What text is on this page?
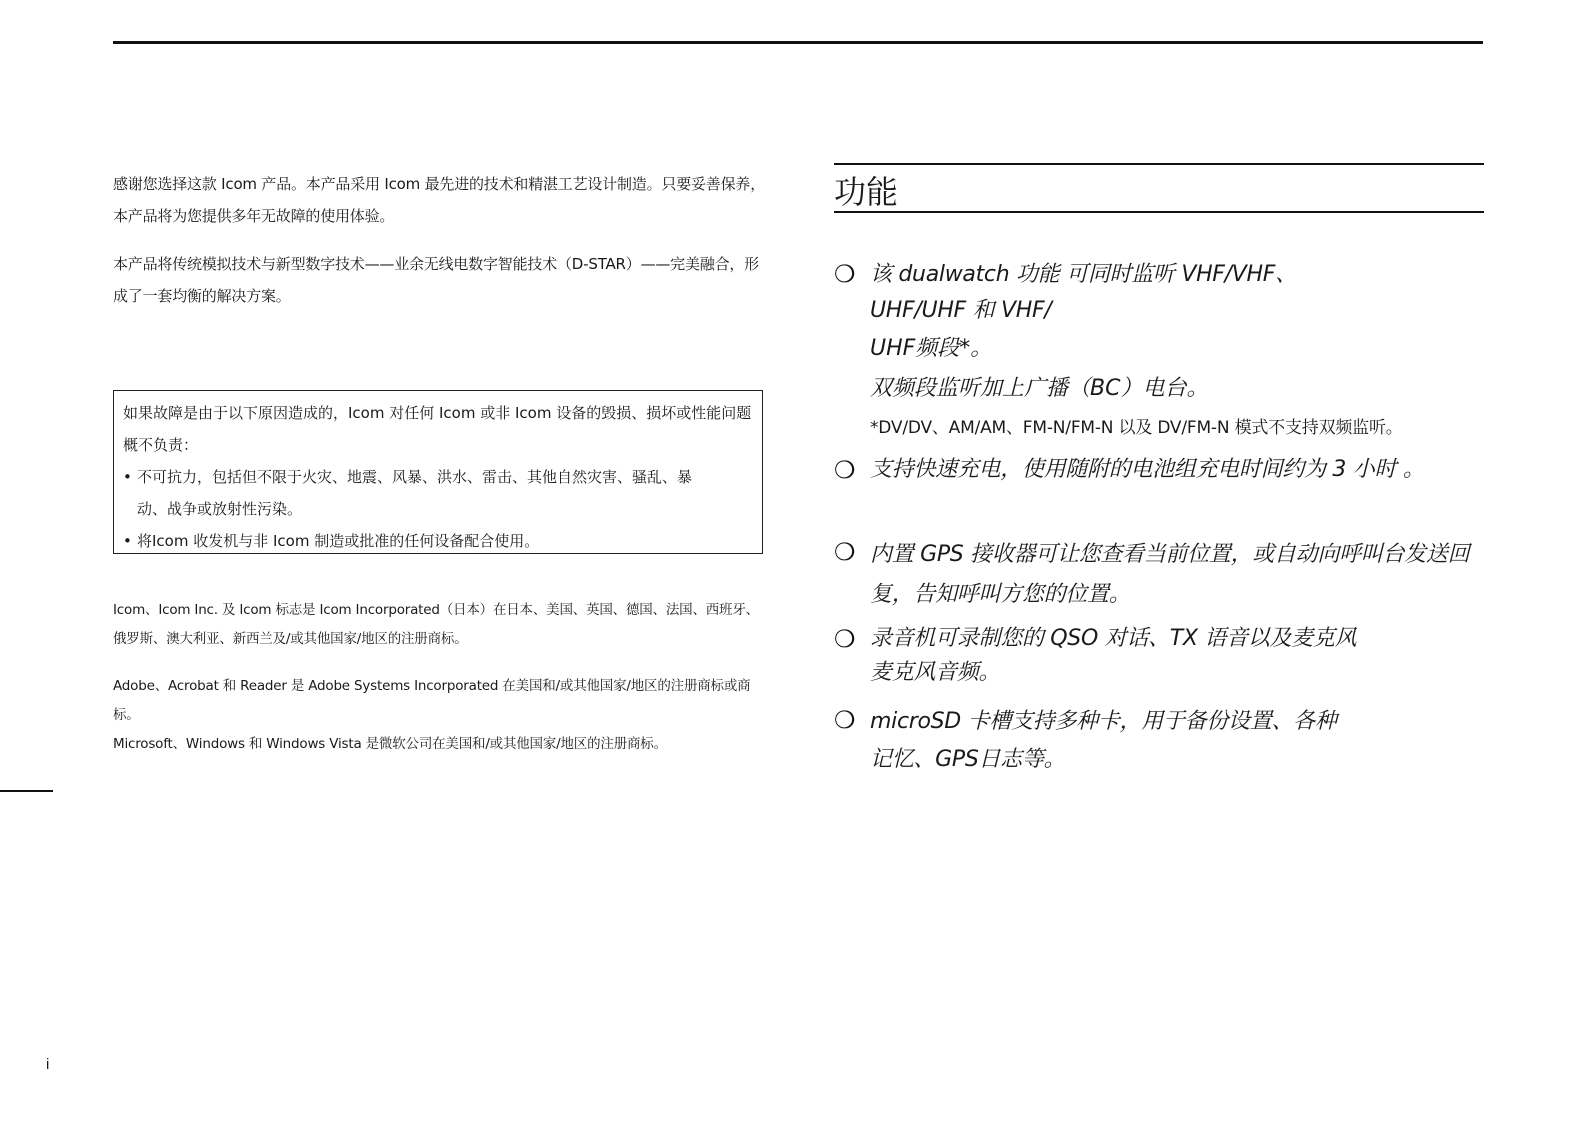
感谢您选择这款 Icom 产品。本产品采用 Icom 最先进的技术和精湛工艺设计制造。只要妥善保养，本产品将为您提供多年无故障的使用体验。

本产品将传统模拟技术与新型数字技术——业余无线电数字智能技术（D-STAR）——完美融合，形成了一套均衡的解决方案。

如果故障是由于以下原因造成的，Icom 对任何 Icom 或非 Icom 设备的毁损、损坏或性能问题概不负责：

• 不可抗力，包括但不限于火灾、地震、风暴、洪水、雷击、其他自然灾害、骚乱、暴动、战争或放射性污染。
• 将Icom 收发机与非 Icom 制造或批准的任何设备配合使用。

Icom、Icom Inc. 及 Icom 标志是 Icom Incorporated（日本）在日本、美国、英国、德国、法国、西班牙、俄罗斯、澳大利亚、新西兰及/或其他国家/地区的注册商标。

Adobe、Acrobat 和 Reader 是 Adobe Systems Incorporated 在美国和/或其他国家/地区的注册商标或商标。

Microsoft、Windows 和 Windows Vista 是微软公司在美国和/或其他国家/地区的注册商标。

i
功能
❍ 该 dualwatch 功能 可同时监听 VHF/VHF、UHF/UHF 和 VHF/
UHF频段*。
双频段监听加上广播（BC）电台。
*DV/DV、AM/AM、FM-N/FM-N 以及 DV/FM-N 模式不支持双频监听。
❍ 支持快速充电，使用随附的电池组充电时间约为 3 小时 。
❍ 内置 GPS 接收器可让您查看当前位置，或自动向呼叫台发送回复，告知呼叫方您的位置。
❍ 录音机可录制您的 QSO 对话、TX 语音以及麦克风 麦克风音频。
❍ microSD 卡槽支持多种卡，用于备份设置、各种 记忆、GPS日志等。
